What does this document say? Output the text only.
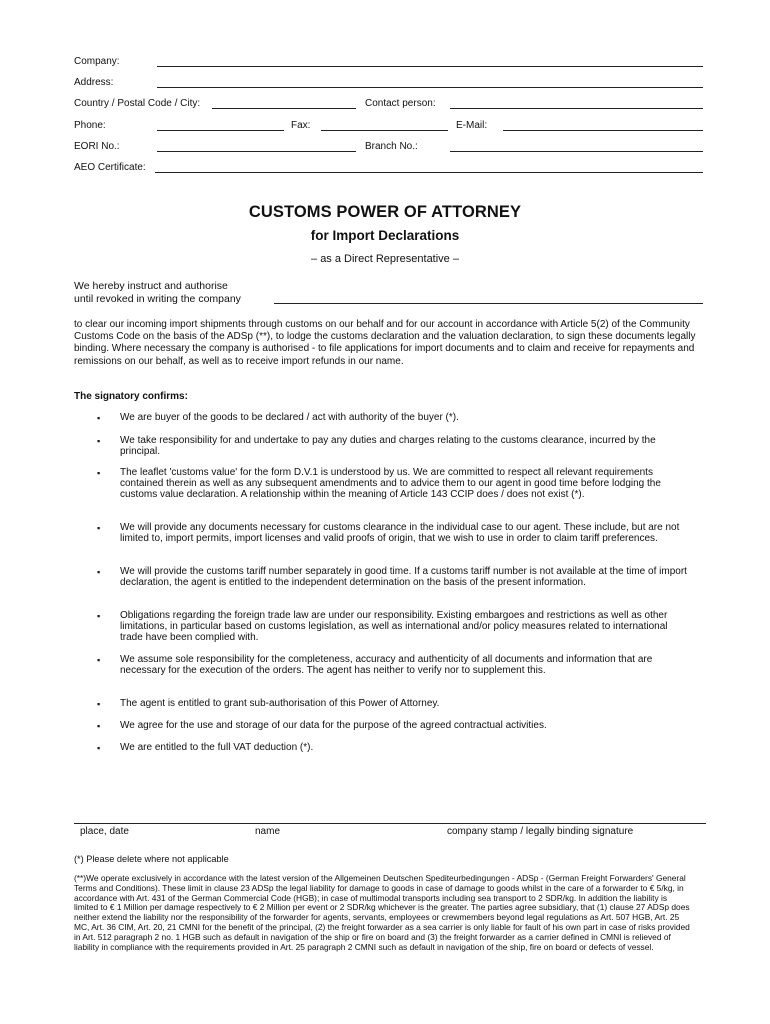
Company:
Address:
Country / Postal Code / City:	Contact person:
Phone:	Fax:	E-Mail:
EORI No.:	Branch No.:
AEO Certificate:
CUSTOMS POWER OF ATTORNEY
for Import Declarations
– as a Direct Representative –
We hereby instruct and authorise
until revoked in writing the company
to clear our incoming import shipments through customs on our behalf and for our account in accordance with Article 5(2) of the Community Customs Code on the basis of the ADSp (**), to lodge the customs declaration and the valuation declaration, to sign these documents legally binding. Where necessary the company is authorised - to file applications for import documents and to claim and receive for repayments and remissions on our behalf, as well as to receive import refunds in our name.
The signatory confirms:
▪ We are buyer of the goods to be declared / act with authority of the buyer (*).
▪ We take responsibility for and undertake to pay any duties and charges relating to the customs clearance, incurred by the principal.
▪ The leaflet 'customs value' for the form D.V.1 is understood by us. We are committed to respect all relevant requirements contained therein as well as any subsequent amendments and to advice them to our agent in good time before lodging the customs value declaration. A relationship within the meaning of Article 143 CCIP does / does not exist (*).
▪ We will provide any documents necessary for customs clearance in the individual case to our agent. These include, but are not limited to, import permits, import licenses and valid proofs of origin, that we wish to use in order to claim tariff preferences.
▪ We will provide the customs tariff number separately in good time. If a customs tariff number is not available at the time of import declaration, the agent is entitled to the independent determination on the basis of the present information.
▪ Obligations regarding the foreign trade law are under our responsibility. Existing embargoes and restrictions as well as other limitations, in particular based on customs legislation, as well as international and/or policy measures related to international trade have been complied with.
▪ We assume sole responsibility for the completeness, accuracy and authenticity of all documents and information that are necessary for the execution of the orders. The agent has neither to verify nor to supplement this.
▪ The agent is entitled to grant sub-authorisation of this Power of Attorney.
▪ We agree for the use and storage of our data for the purpose of the agreed contractual activities.
▪ We are entitled to the full VAT deduction (*).
place, date	name	company stamp / legally binding signature
(*) Please delete where not applicable
(**)We operate exclusively in accordance with the latest version of the Allgemeinen Deutschen Spediteurbedingungen - ADSp - (German Freight Forwarders' General Terms and Conditions). These limit in clause 23 ADSp the legal liability for damage to goods in case of damage to goods whilst in the care of a forwarder to € 5/kg, in accordance with Art. 431 of the German Commercial Code (HGB); in case of multimodal transports including sea transport to 2 SDR/kg. In addition the liability is limited to € 1 Million per damage respectively to € 2 Million per event or 2 SDR/kg whichever is the greater. The parties agree subsidiary, that (1) clause 27 ADSp does neither extend the liability nor the responsibility of the forwarder for agents, servants, employees or crewmembers beyond legal regulations as Art. 507 HGB, Art. 25 MC, Art. 36 CIM, Art. 20, 21 CMNI for the benefit of the principal, (2) the freight forwarder as a sea carrier is only liable for fault of his own part in case of risks provided in Art. 512 paragraph 2 no. 1 HGB such as default in navigation of the ship or fire on board and (3) the freight forwarder as a carrier defined in CMNI is relieved of liability in compliance with the requirements provided in Art. 25 paragraph 2 CMNI such as default in navigation of the ship, fire on board or defects of vessel.
